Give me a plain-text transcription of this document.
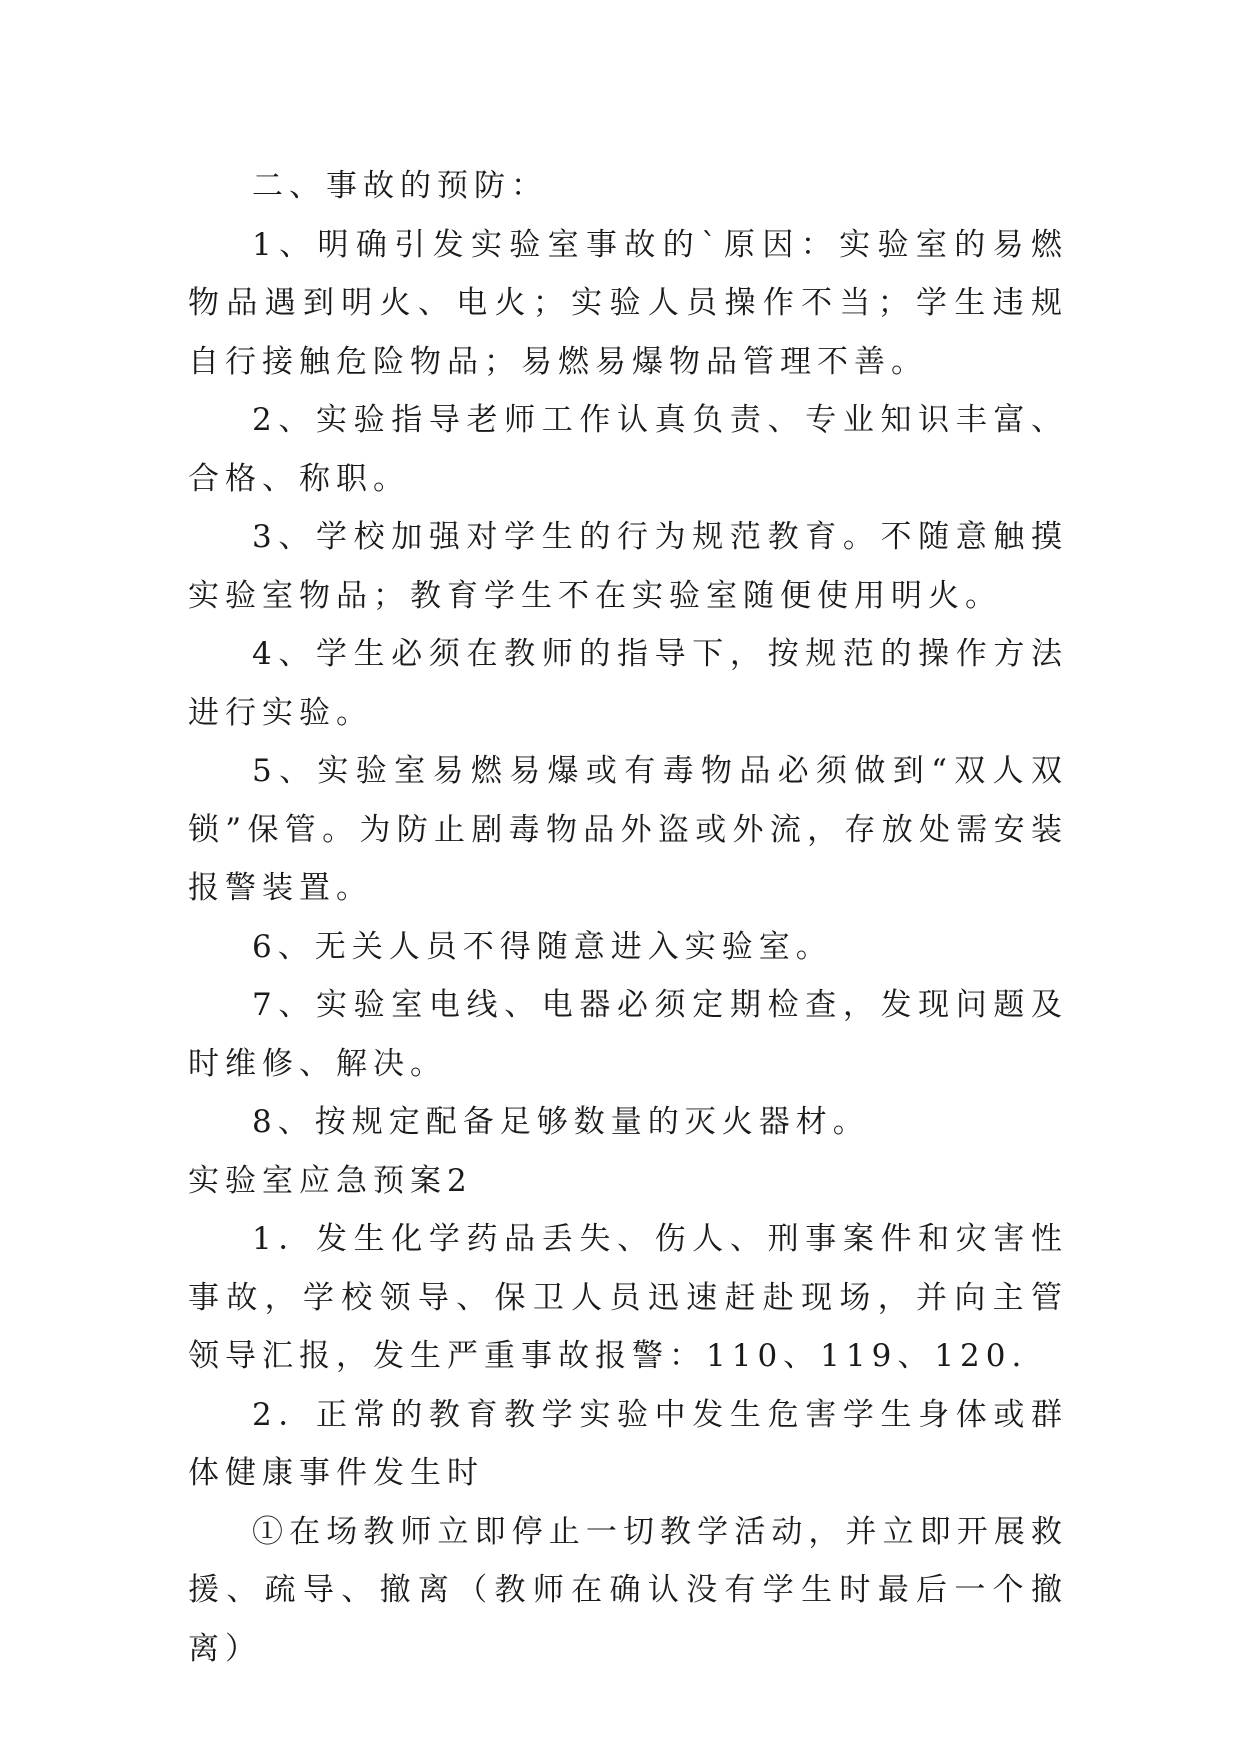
二、事故的预防：

1、明确引发实验室事故的`原因：实验室的易燃物品遇到明火、电火；实验人员操作不当；学生违规自行接触危险物品；易燃易爆物品管理不善。

2、实验指导老师工作认真负责、专业知识丰富、合格、称职。

3、学校加强对学生的行为规范教育。不随意触摸实验室物品；教育学生不在实验室随便使用明火。

4、学生必须在教师的指导下，按规范的操作方法进行实验。

5、实验室易燃易爆或有毒物品必须做到“双人双锁”保管。为防止剧毒物品外盗或外流，存放处需安装报警装置。

6、无关人员不得随意进入实验室。

7、实验室电线、电器必须定期检查，发现问题及时维修、解决。

8、按规定配备足够数量的灭火器材。

实验室应急预案2

1．发生化学药品丢失、伤人、刑事案件和灾害性事故，学校领导、保卫人员迅速赶赴现场，并向主管领导汇报，发生严重事故报警：110、119、120.

2．正常的教育教学实验中发生危害学生身体或群体健康事件发生时

①在场教师立即停止一切教学活动，并立即开展救援、疏导、撤离（教师在确认没有学生时最后一个撤离）
